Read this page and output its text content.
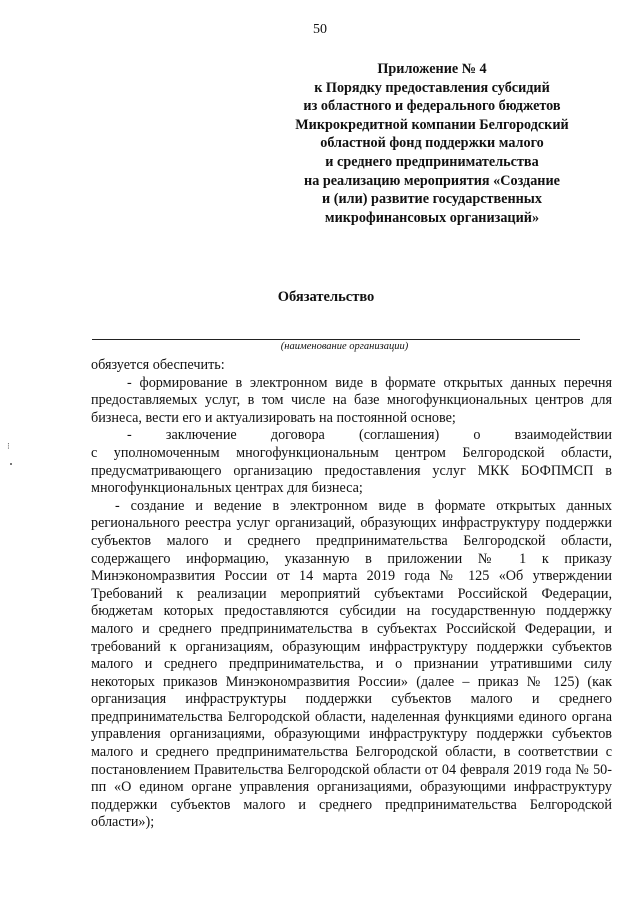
50
Приложение № 4
к Порядку предоставления субсидий
из областного и федерального бюджетов
Микрокредитной компании Белгородский
областной фонд поддержки малого
и среднего предпринимательства
на реализацию мероприятия «Создание
и (или) развитие государственных
микрофинансовых организаций»
Обязательство
(наименование организации)
⁝

обязуется обеспечить:

- формирование в электронном виде в формате открытых данных перечня предоставляемых услуг, в том числе на базе многофункциональных центров для бизнеса, вести его и актуализировать на постоянной основе;

- заключение договора (соглашения) о взаимодействии

с уполномоченным многофункциональным центром Белгородской области, предусматривающего организацию предоставления услуг МКК БОФПМСП в многофункциональных центрах для бизнеса;

- создание и ведение в электронном виде в формате открытых данных регионального реестра услуг организаций, образующих инфраструктуру поддержки субъектов малого и среднего предпринимательства Белгородской области, содержащего информацию, указанную в приложении № 1 к приказу Минэкономразвития России от 14 марта 2019 года № 125 «Об утверждении Требований к реализации мероприятий субъектами Российской Федерации, бюджетам которых предоставляются субсидии на государственную поддержку малого и среднего предпринимательства в субъектах Российской Федерации, и требований к организациям, образующим инфраструктуру поддержки субъектов малого и среднего предпринимательства, и о признании утратившими силу некоторых приказов Минэкономразвития России» (далее – приказ № 125) (как организация инфраструктуры поддержки субъектов малого и среднего предпринимательства Белгородской области, наделенная функциями единого органа управления организациями, образующими инфраструктуру поддержки субъектов малого и среднего предпринимательства Белгородской области, в соответствии с постановлением Правительства Белгородской области от 04 февраля 2019 года № 50-пп «О едином органе управления организациями, образующими инфраструктуру поддержки субъектов малого и среднего предпринимательства Белгородской области»);
